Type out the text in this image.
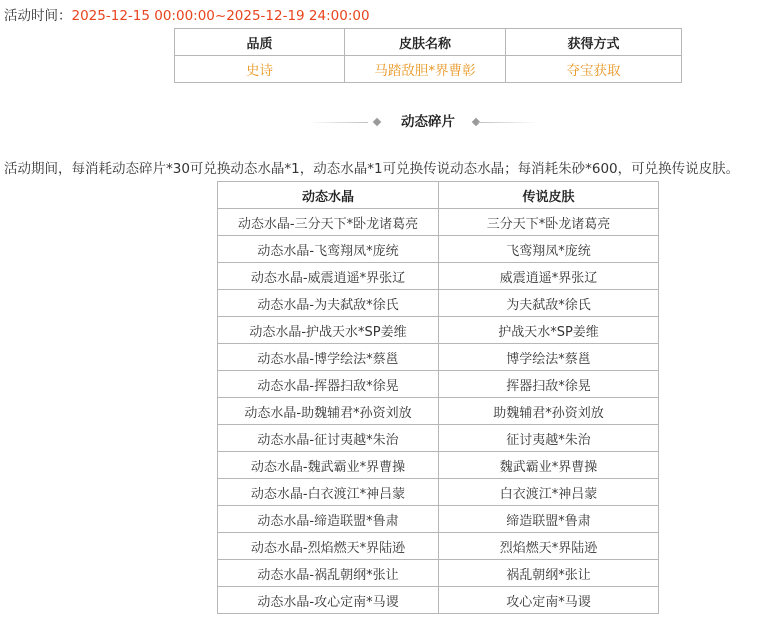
活动时间：2025-12-15 00:00:00~2025-12-19 24:00:00
品质	皮肤名称	获得方式
史诗	马踏敌胆*界曹彰	夺宝获取
动态碎片
活动期间，每消耗动态碎片*30可兑换动态水晶*1，动态水晶*1可兑换传说动态水晶；每消耗朱砂*600，可兑换传说皮肤。
动态水晶	传说皮肤
动态水晶-三分天下*卧龙诸葛亮	三分天下*卧龙诸葛亮
动态水晶-飞鸾翔凤*庞统	飞鸾翔凤*庞统
动态水晶-威震逍遥*界张辽	威震逍遥*界张辽
动态水晶-为夫弑敌*徐氏	为夫弑敌*徐氏
动态水晶-护战天水*SP姜维	护战天水*SP姜维
动态水晶-博学绘法*蔡邕	博学绘法*蔡邕
动态水晶-挥器扫敌*徐晃	挥器扫敌*徐晃
动态水晶-助魏辅君*孙资刘放	助魏辅君*孙资刘放
动态水晶-征讨夷越*朱治	征讨夷越*朱治
动态水晶-魏武霸业*界曹操	魏武霸业*界曹操
动态水晶-白衣渡江*神吕蒙	白衣渡江*神吕蒙
动态水晶-缔造联盟*鲁肃	缔造联盟*鲁肃
动态水晶-烈焰燃天*界陆逊	烈焰燃天*界陆逊
动态水晶-祸乱朝纲*张让	祸乱朝纲*张让
动态水晶-攻心定南*马谡	攻心定南*马谡
